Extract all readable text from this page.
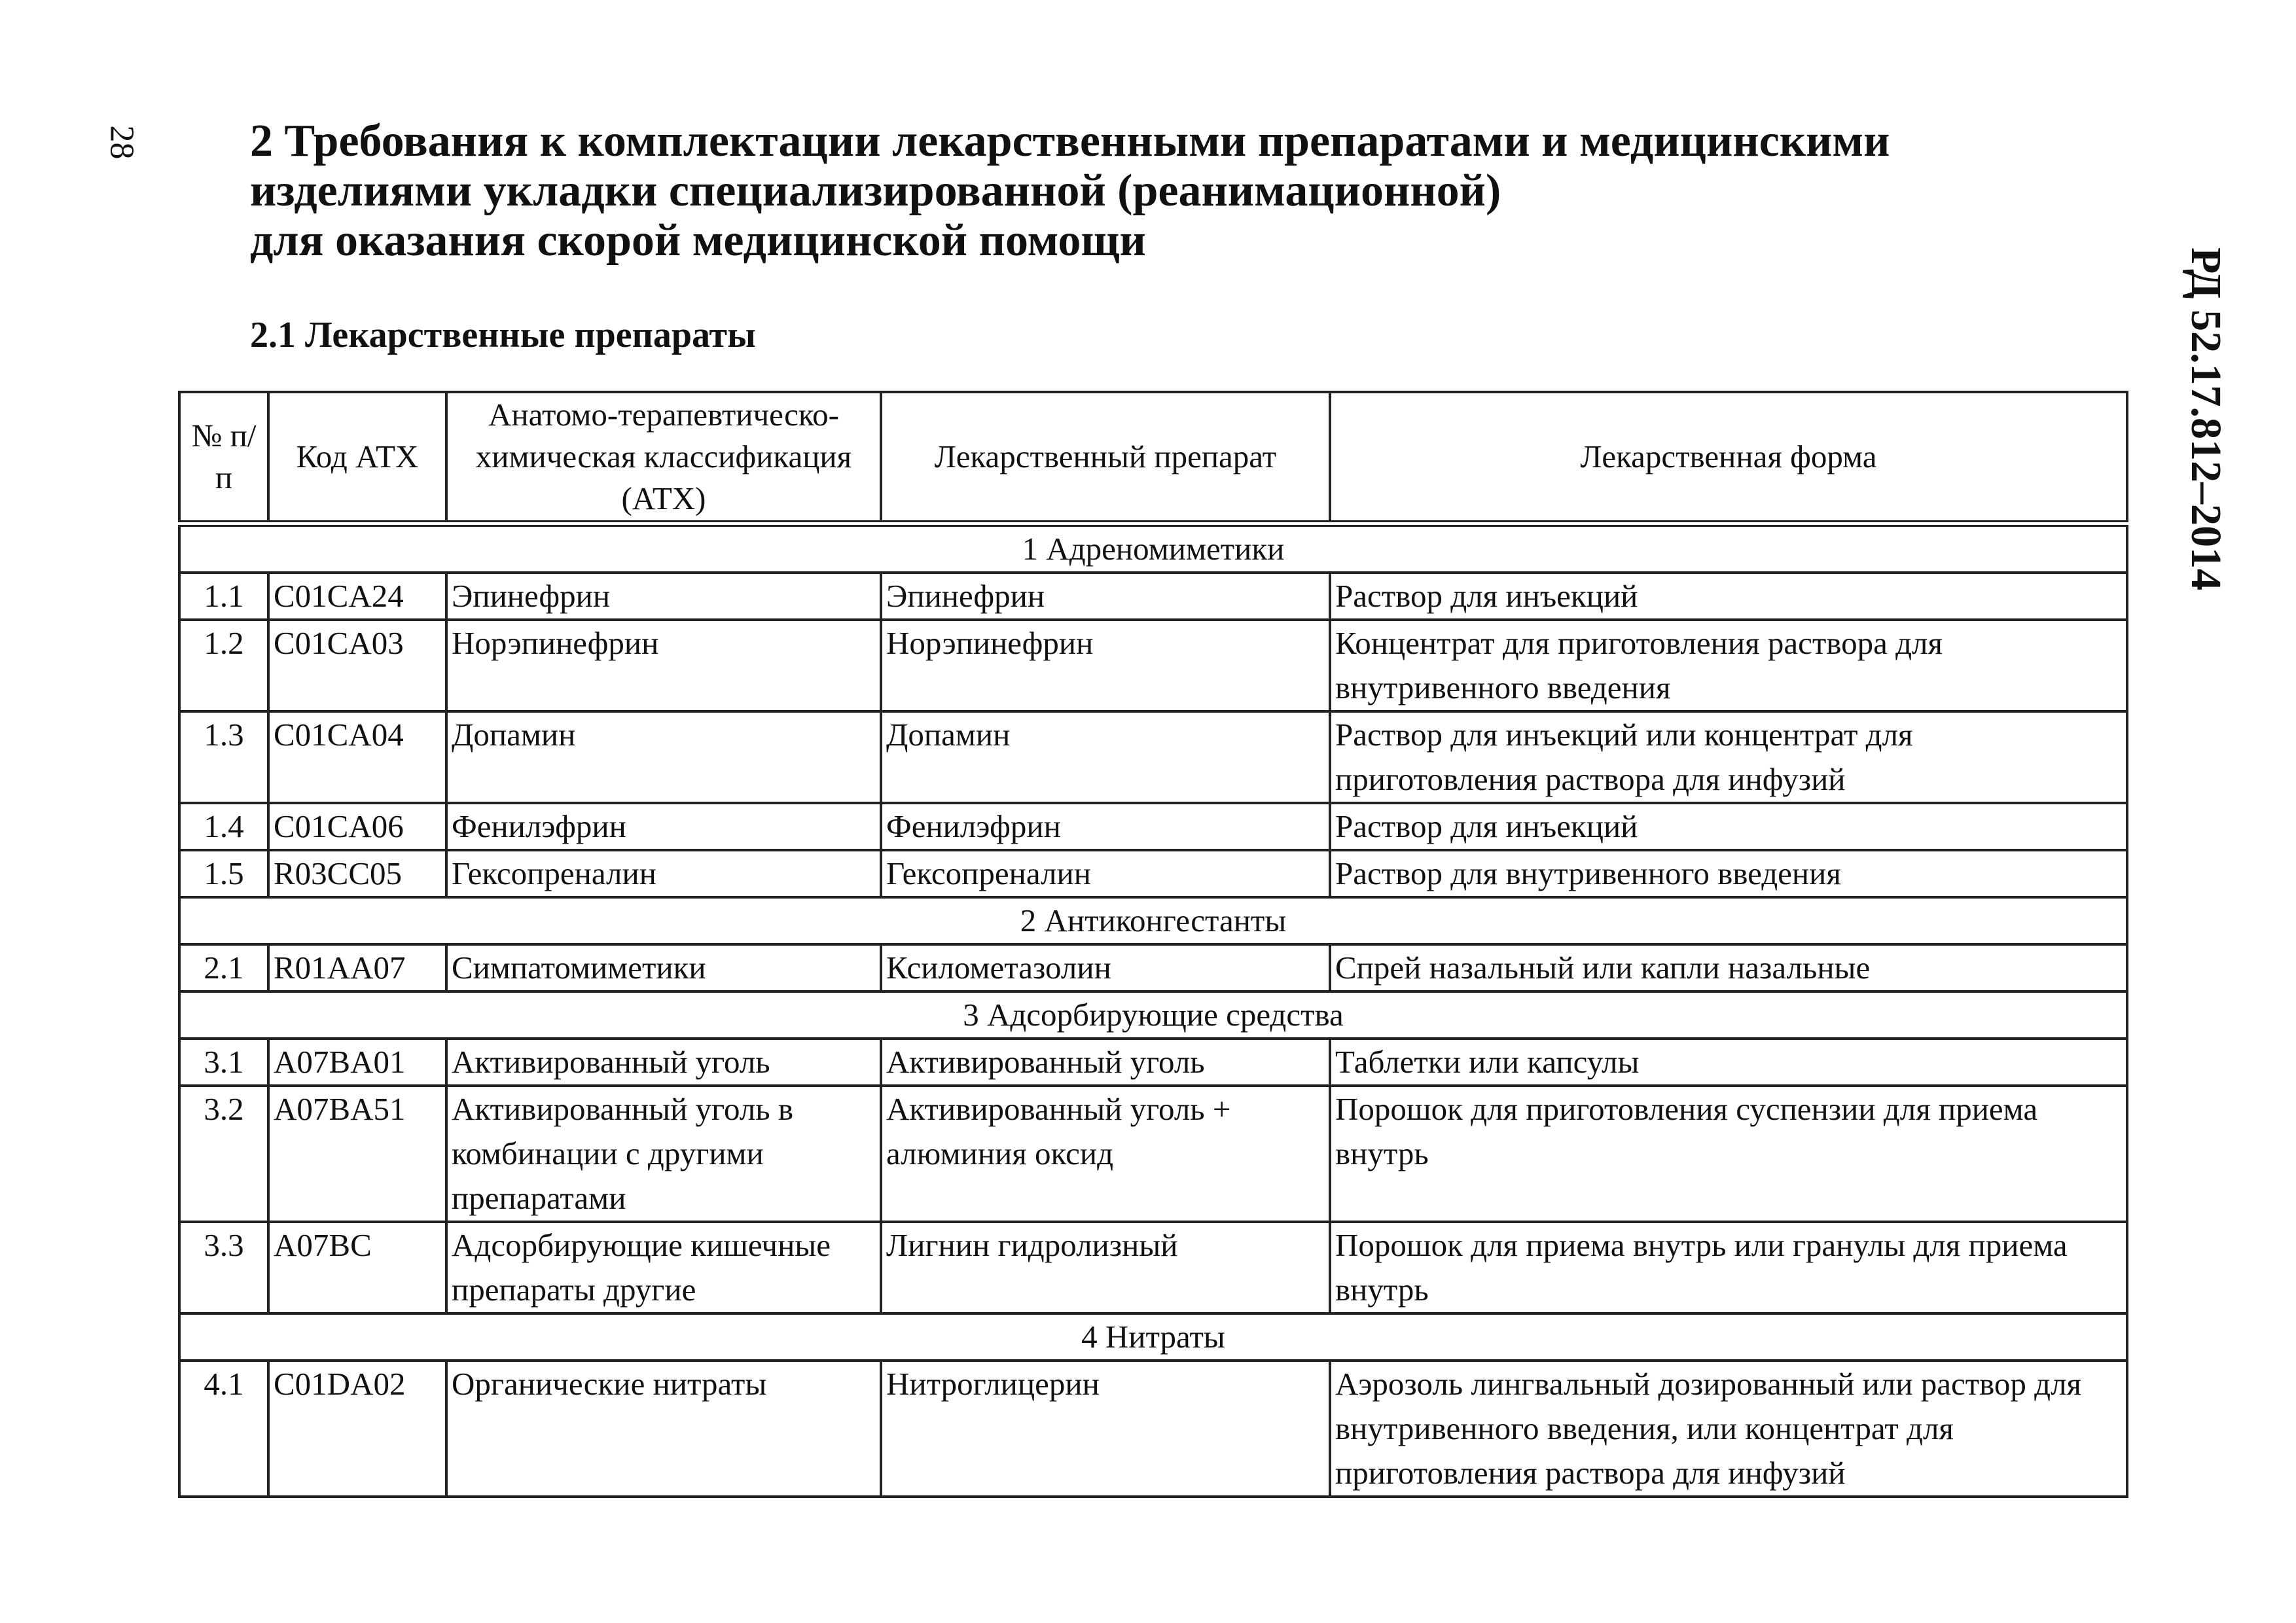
28
РД 52.17.812–2014
2 Требования к комплектации лекарственными препаратами и медицинскими
изделиями укладки специализированной (реанимационной)
для оказания скорой медицинской помощи
2.1 Лекарственные препараты
№ п/п	Код АТХ	Анатомо-терапевтическо-химическая классификация (АТХ)	Лекарственный препарат	Лекарственная форма
1 Адреномиметики				
1.1	C01CA24	Эпинефрин	Эпинефрин	Раствор для инъекций
1.2	C01CA03	Норэпинефрин	Норэпинефрин	Концентрат для приготовления раствора для внутривенного введения
1.3	C01CA04	Допамин	Допамин	Раствор для инъекций или концентрат для приготовления раствора для инфузий
1.4	C01CA06	Фенилэфрин	Фенилэфрин	Раствор для инъекций
1.5	R03CC05	Гексопреналин	Гексопреналин	Раствор для внутривенного введения
2 Антиконгестанты				
2.1	R01AA07	Симпатомиметики	Ксилометазолин	Спрей назальный или капли назальные
3 Адсорбирующие средства				
3.1	A07BA01	Активированный уголь	Активированный уголь	Таблетки или капсулы
3.2	A07BA51	Активированный уголь в комбинации с другими препаратами	Активированный уголь + алюминия оксид	Порошок для приготовления суспензии для приема внутрь
3.3	A07BC	Адсорбирующие кишечные препараты другие	Лигнин гидролизный	Порошок для приема внутрь или гранулы для приема внутрь
4 Нитраты				
4.1	C01DA02	Органические нитраты	Нитроглицерин	Аэрозоль лингвальный дозированный или раствор для внутривенного введения, или концентрат для приготовления раствора для инфузий
